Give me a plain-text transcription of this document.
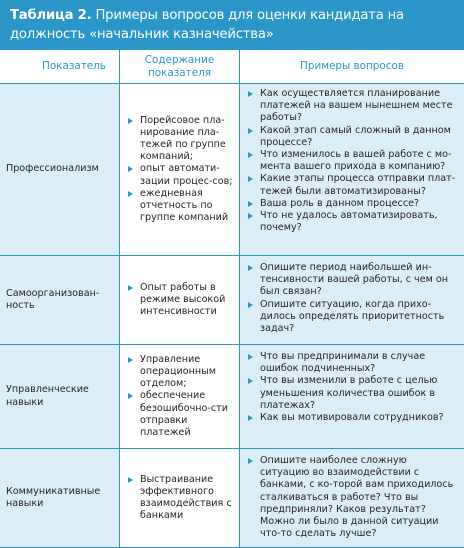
Таблица 2. Примеры вопросов для оценки кандидата на должность «начальник казначейства»
Показатель
Содержание показателя
Примеры вопросов
Профессионализм
Порейсовое пла-нирование пла-тежей по группе компаний;
опыт автомати-зации процес-сов;
ежедневная отчетность по группе компаний
Как осуществляется планирование платежей на вашем нынешнем месте работы?
Какой этап самый сложный в данном процессе?
Что изменилось в вашей работе с мо-мента вашего прихода в компанию?
Какие этапы процесса отправки плат-тежей были автоматизированы?
Ваша роль в данном процессе?
Что не удалось автоматизировать, почему?
Самоорганизован-ность
Опыт работы в режиме высокой интенсивности
Опишите период наибольшей ин-тенсивности вашей работы, с чем он был связан?
Опишите ситуацию, когда прихо-дилось определять приоритетность задач?
Управленческие навыки
Управление операционным отделом;
обеспечение безошибочно-сти отправки платежей
Что вы предпринимали в случае ошибок подчиненных?
Что вы изменили в работе с целью уменьшения количества ошибок в платежах?
Как вы мотивировали сотрудников?
Коммуникативные навыки
Выстраивание эффективного взаимодействия с банками
Опишите наиболее сложную ситуацию во взаимодействии с банками, с ко-торой вам приходилось сталкиваться в работе? Что вы предприняли? Каков результат? Можно ли было в данной ситуации что-то сделать лучше?
